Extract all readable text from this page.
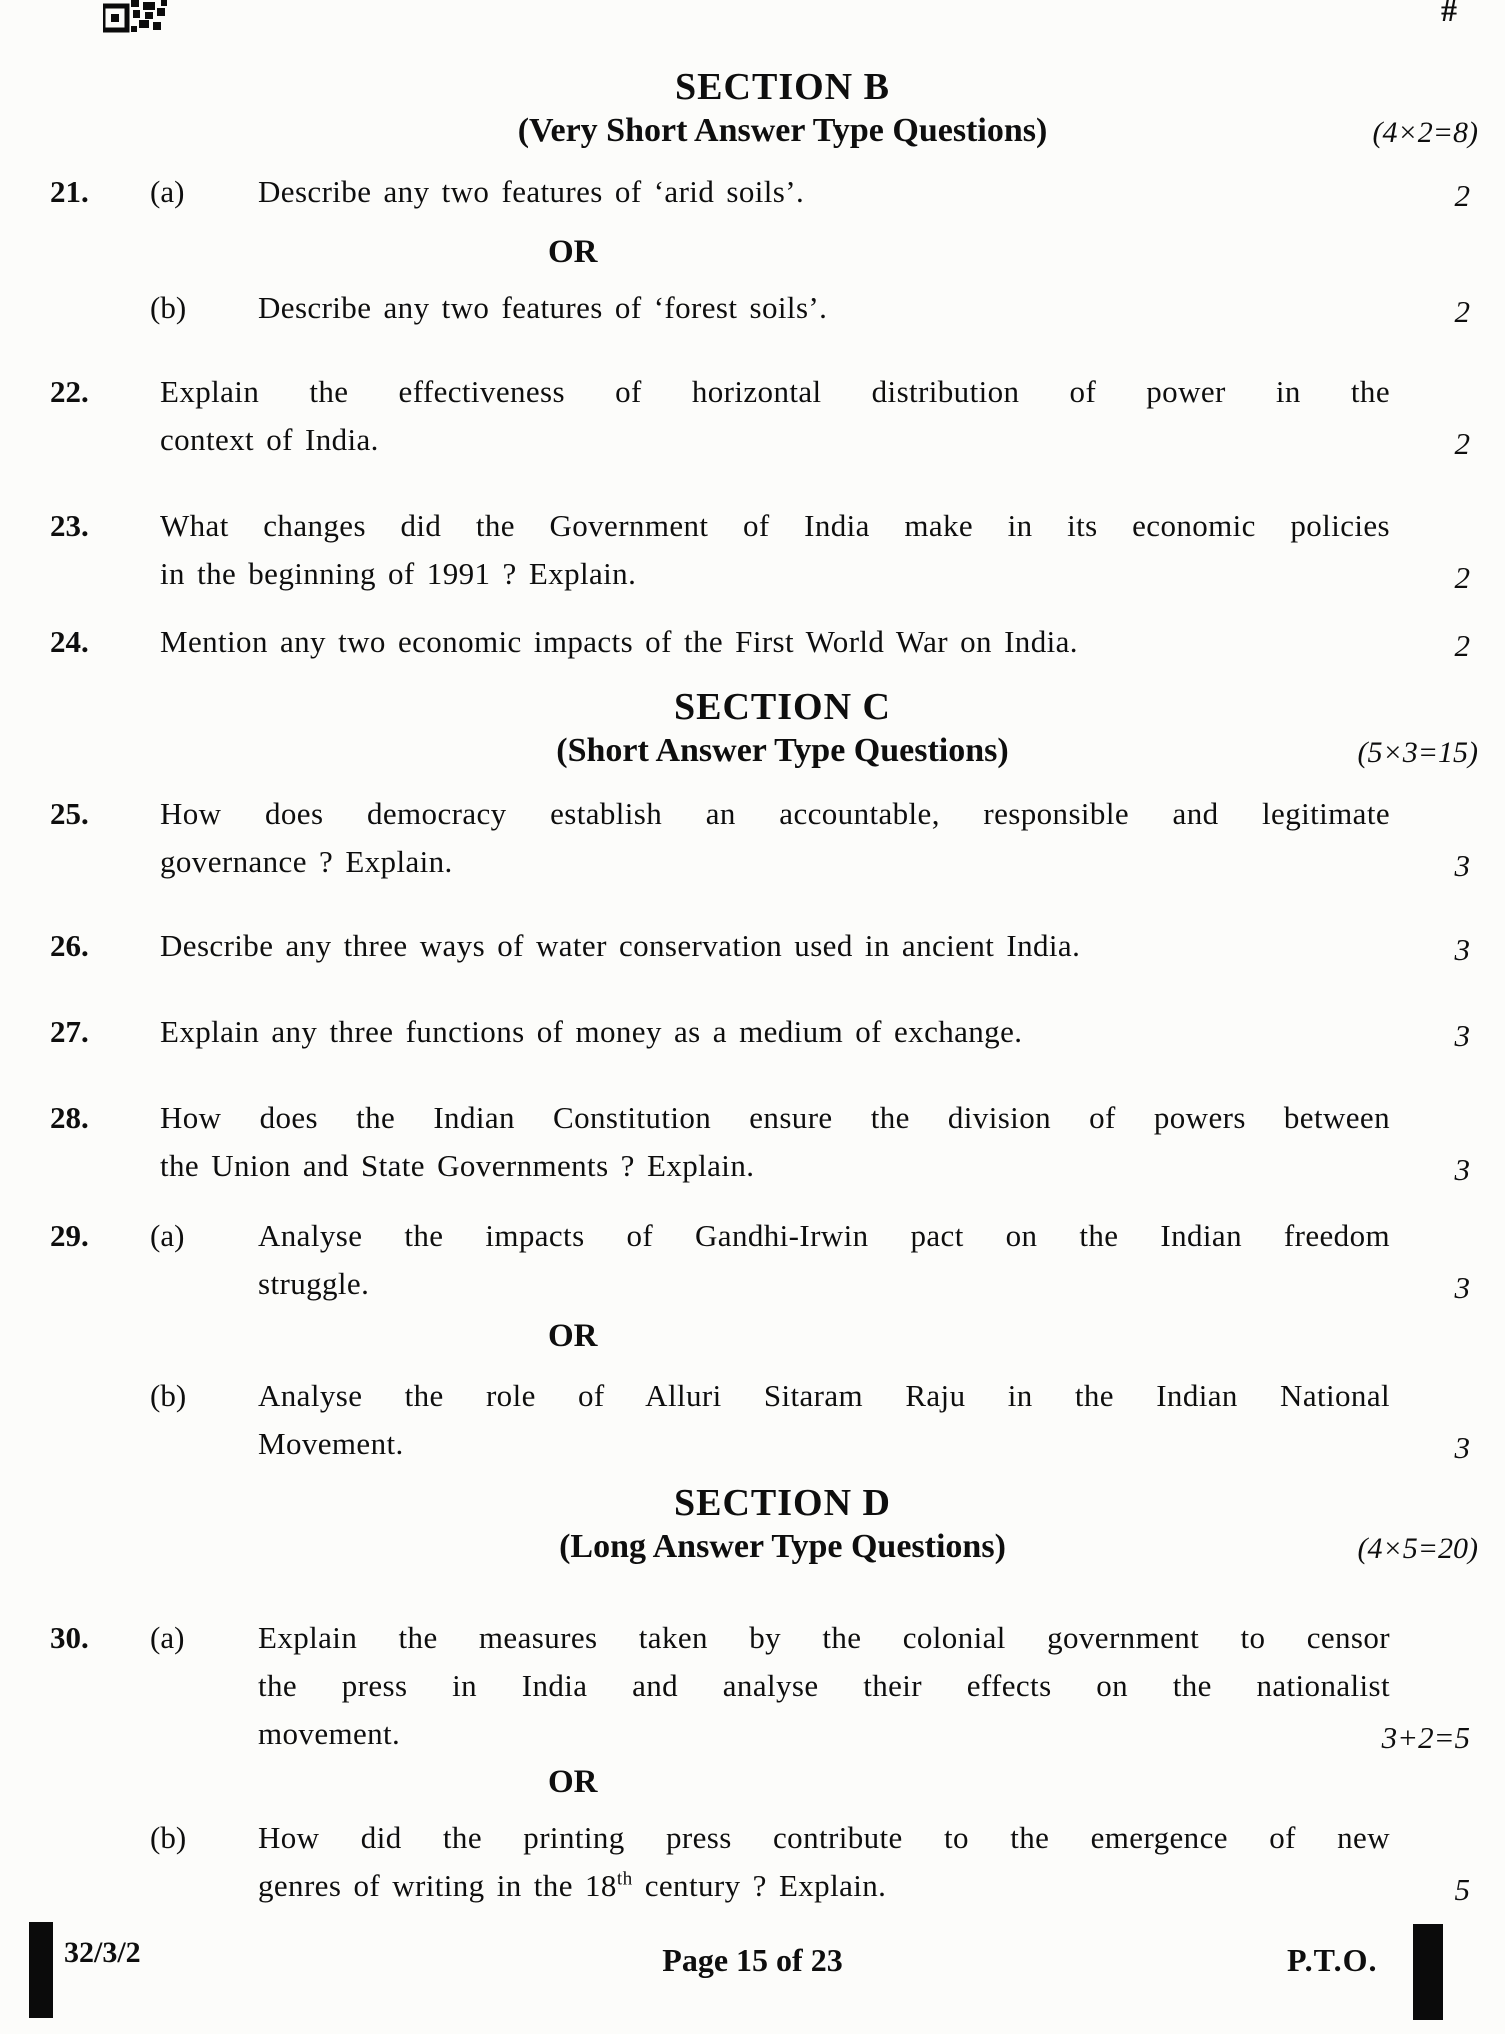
#
SECTION B
(Very Short Answer Type Questions)	(4×2=8)
21.	(a)	Describe any two features of ‘arid soils’.	2
OR
(b)	Describe any two features of ‘forest soils’.	2
22.	Explain the effectiveness of horizontal distribution of power in the
context of India.	2
23.	What changes did the Government of India make in its economic policies
in the beginning of 1991 ? Explain.	2
24.	Mention any two economic impacts of the First World War on India.	2
SECTION C
(Short Answer Type Questions)	(5×3=15)
25.	How does democracy establish an accountable, responsible and legitimate
governance ? Explain.	3
26.	Describe any three ways of water conservation used in ancient India.	3
27.	Explain any three functions of money as a medium of exchange.	3
28.	How does the Indian Constitution ensure the division of powers between
the Union and State Governments ? Explain.	3
29.	(a)	Analyse the impacts of Gandhi-Irwin pact on the Indian freedom
struggle.	3
OR
(b)	Analyse the role of Alluri Sitaram Raju in the Indian National
Movement.	3
SECTION D
(Long Answer Type Questions)	(4×5=20)
30.	(a)	Explain the measures taken by the colonial government to censor
the press in India and analyse their effects on the nationalist
movement.	3+2=5
OR
(b)	How did the printing press contribute to the emergence of new
genres of writing in the 18th century ? Explain.	5
32/3/2	Page 15 of 23	P.T.O.
